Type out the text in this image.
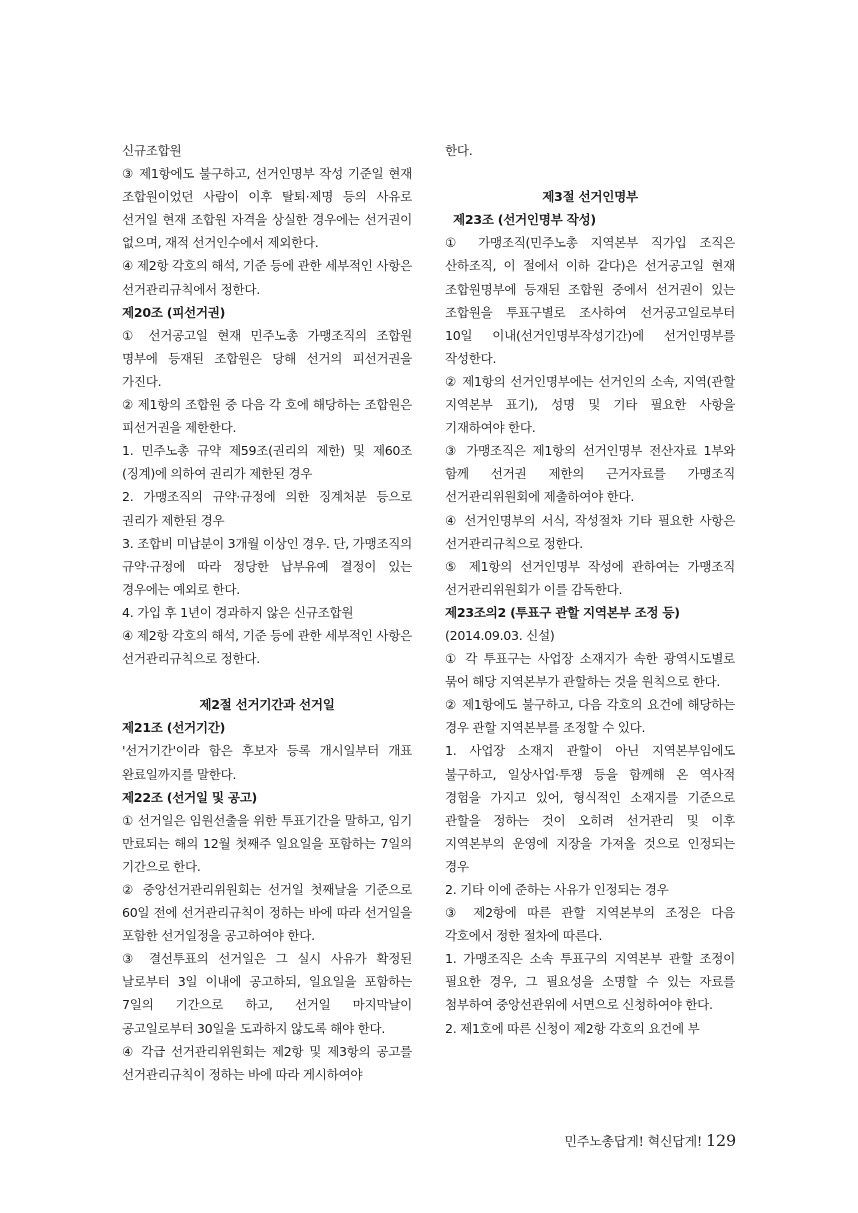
신규조합원

③ 제1항에도 불구하고, 선거인명부 작성 기준일 현재 조합원이었던 사람이 이후 탈퇴·제명 등의 사유로 선거일 현재 조합원 자격을 상실한 경우에는 선거권이 없으며, 재적 선거인수에서 제외한다.

④ 제2항 각호의 해석, 기준 등에 관한 세부적인 사항은 선거관리규칙에서 정한다.

제20조 (피선거권)

① 선거공고일 현재 민주노총 가맹조직의 조합원 명부에 등재된 조합원은 당해 선거의 피선거권을 가진다.

② 제1항의 조합원 중 다음 각 호에 해당하는 조합원은 피선거권을 제한한다.

1. 민주노총 규약 제59조(권리의 제한) 및 제60조(징계)에 의하여 권리가 제한된 경우

2. 가맹조직의 규약·규정에 의한 징계처분 등으로 권리가 제한된 경우

3. 조합비 미납분이 3개월 이상인 경우. 단, 가맹조직의 규약·규정에 따라 정당한 납부유예 결정이 있는 경우에는 예외로 한다.

4. 가입 후 1년이 경과하지 않은 신규조합원

④ 제2항 각호의 해석, 기준 등에 관한 세부적인 사항은 선거관리규칙으로 정한다.

제2절 선거기간과 선거일

제21조 (선거기간)

'선거기간'이라 함은 후보자 등록 개시일부터 개표 완료일까지를 말한다.

제22조 (선거일 및 공고)

① 선거일은 임원선출을 위한 투표기간을 말하고, 임기 만료되는 해의 12월 첫째주 일요일을 포함하는 7일의 기간으로 한다.

② 중앙선거관리위원회는 선거일 첫째날을 기준으로 60일 전에 선거관리규칙이 정하는 바에 따라 선거일을 포함한 선거일정을 공고하여야 한다.

③ 결선투표의 선거일은 그 실시 사유가 확정된 날로부터 3일 이내에 공고하되, 일요일을 포함하는 7일의 기간으로 하고, 선거일 마지막날이 공고일로부터 30일을 도과하지 않도록 해야 한다.

④ 각급 선거관리위원회는 제2항 및 제3항의 공고를 선거관리규칙이 정하는 바에 따라 게시하여야

한다.

제3절 선거인명부

제23조 (선거인명부 작성)

① 가맹조직(민주노총 지역본부 직가입 조직은 산하조직, 이 절에서 이하 같다)은 선거공고일 현재 조합원명부에 등재된 조합원 중에서 선거권이 있는 조합원을 투표구별로 조사하여 선거공고일로부터 10일 이내(선거인명부작성기간)에 선거인명부를 작성한다.

② 제1항의 선거인명부에는 선거인의 소속, 지역(관할 지역본부 표기), 성명 및 기타 필요한 사항을 기재하여야 한다.

③ 가맹조직은 제1항의 선거인명부 전산자료 1부와 함께 선거권 제한의 근거자료를 가맹조직 선거관리위원회에 제출하여야 한다.

④ 선거인명부의 서식, 작성절차 기타 필요한 사항은 선거관리규칙으로 정한다.

⑤ 제1항의 선거인명부 작성에 관하여는 가맹조직 선거관리위원회가 이를 감독한다.

제23조의2 (투표구 관할 지역본부 조정 등)

(2014.09.03. 신설)

① 각 투표구는 사업장 소재지가 속한 광역시도별로 묶어 해당 지역본부가 관할하는 것을 원칙으로 한다.

② 제1항에도 불구하고, 다음 각호의 요건에 해당하는 경우 관할 지역본부를 조정할 수 있다.

1. 사업장 소재지 관할이 아닌 지역본부임에도 불구하고, 일상사업·투쟁 등을 함께해 온 역사적 경험을 가지고 있어, 형식적인 소재지를 기준으로 관할을 정하는 것이 오히려 선거관리 및 이후 지역본부의 운영에 지장을 가져올 것으로 인정되는 경우

2. 기타 이에 준하는 사유가 인정되는 경우

③ 제2항에 따른 관할 지역본부의 조정은 다음 각호에서 정한 절차에 따른다.

1. 가맹조직은 소속 투표구의 지역본부 관할 조정이 필요한 경우, 그 필요성을 소명할 수 있는 자료를 첨부하여 중앙선관위에 서면으로 신청하여야 한다.

2. 제1호에 따른 신청이 제2항 각호의 요건에 부

민주노총답게! 혁신답게! 129
